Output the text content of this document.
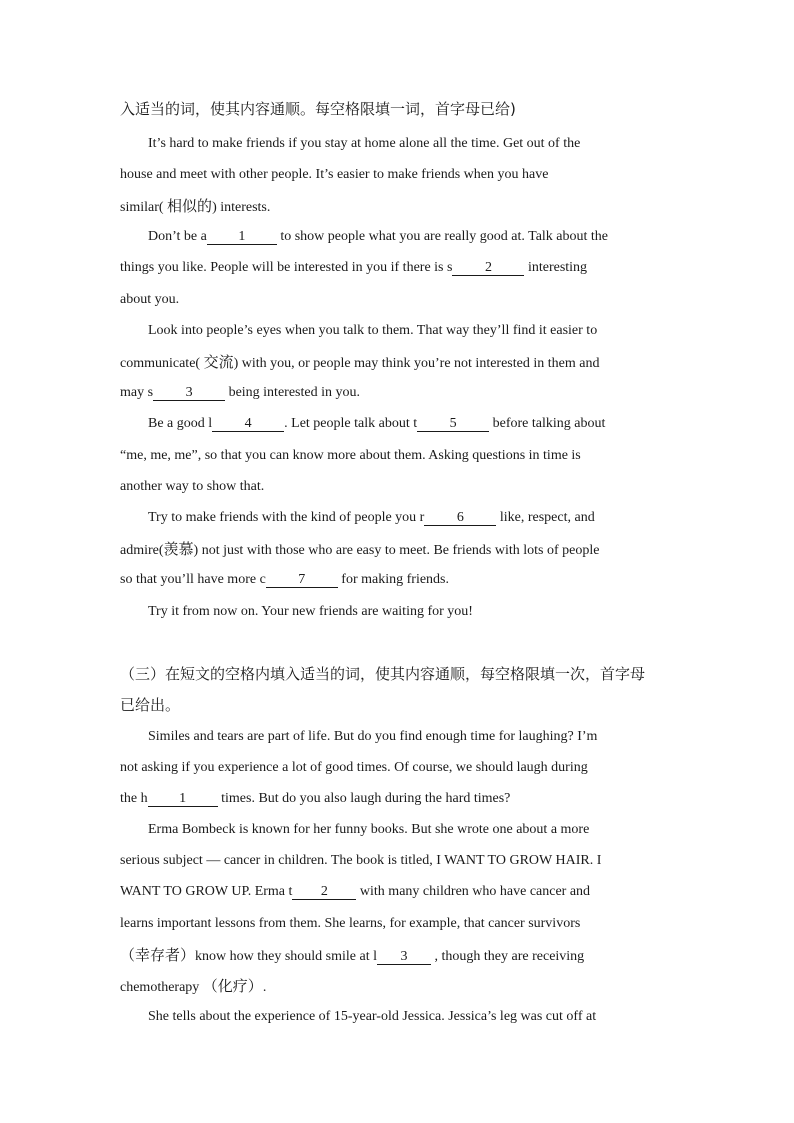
入适当的词，使其内容通顺。每空格限填一词，首字母已给)
It’s hard to make friends if you stay at home alone all the time. Get out of the
house and meet with other people. It’s easier to make friends when you have
similar( 相似的) interests.
Don’t be a 1 to show people what you are really good at. Talk about the
things you like. People will be interested in you if there is s 2 interesting
about you.
Look into people’s eyes when you talk to them. That way they’ll find it easier to
communicate( 交流) with you, or people may think you’re not interested in them and
may s 3 being interested in you.
Be a good l 4 . Let people talk about t 5 before talking about
“me, me, me”, so that you can know more about them. Asking questions in time is
another way to show that.
Try to make friends with the kind of people you r 6 like, respect, and
admire(羡慕) not just with those who are easy to meet. Be friends with lots of people
so that you’ll have more c 7 for making friends.
Try it from now on. Your new friends are waiting for you!
（三）在短文的空格内填入适当的词，使其内容通顺，每空格限填一次，首字母
已给出。
Similes and tears are part of life. But do you find enough time for laughing? I’m
not asking if you experience a lot of good times. Of course, we should laugh during
the h 1 times. But do you also laugh during the hard times?
Erma Bombeck is known for her funny books. But she wrote one about a more
serious subject — cancer in children. The book is titled, I WANT TO GROW HAIR. I
WANT TO GROW UP. Erma t 2 with many children who have cancer and
learns important lessons from them. She learns, for example, that cancer survivors
（幸存者）know how they should smile at l 3 , though they are receiving
chemotherapy （化疗）.
She tells about the experience of 15-year-old Jessica. Jessica’s leg was cut off at
